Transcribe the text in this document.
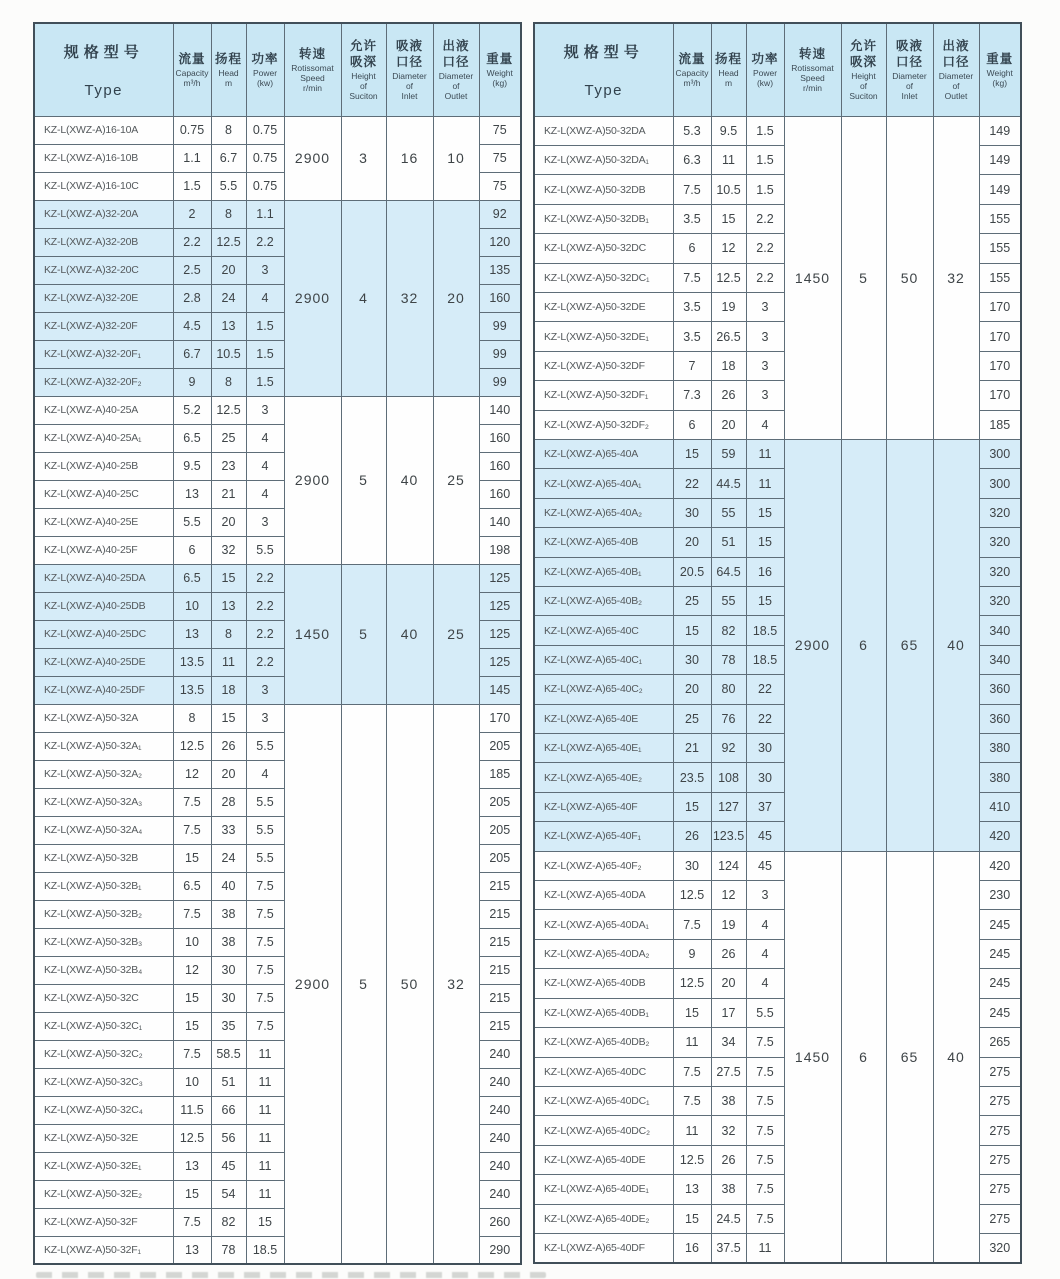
规格型号
Type

流量
Capacity
m³/h

扬程
Head
m

功率
Power
(kw)

转速
Rotissomat
Speed
r/min

允许
吸深
Height
of
Suciton

吸液
口径
Diameter
of
Inlet

出液
口径
Diameter
of
Outlet

重量
Weight
(kg)

KZ-L(XWZ-A)16-10A	0.75	8	0.75	2900	3	16	10	75
KZ-L(XWZ-A)16-10B	1.1	6.7	0.75					75
KZ-L(XWZ-A)16-10C	1.5	5.5	0.75					75
KZ-L(XWZ-A)32-20A	2	8	1.1	2900	4	32	20	92
KZ-L(XWZ-A)32-20B	2.2	12.5	2.2					120
KZ-L(XWZ-A)32-20C	2.5	20	3					135
KZ-L(XWZ-A)32-20E	2.8	24	4					160
KZ-L(XWZ-A)32-20F	4.5	13	1.5					99
KZ-L(XWZ-A)32-20F₁	6.7	10.5	1.5					99
KZ-L(XWZ-A)32-20F₂	9	8	1.5					99
KZ-L(XWZ-A)40-25A	5.2	12.5	3	2900	5	40	25	140
KZ-L(XWZ-A)40-25A₁	6.5	25	4					160
KZ-L(XWZ-A)40-25B	9.5	23	4					160
KZ-L(XWZ-A)40-25C	13	21	4					160
KZ-L(XWZ-A)40-25E	5.5	20	3					140
KZ-L(XWZ-A)40-25F	6	32	5.5					198
KZ-L(XWZ-A)40-25DA	6.5	15	2.2	1450	5	40	25	125
KZ-L(XWZ-A)40-25DB	10	13	2.2					125
KZ-L(XWZ-A)40-25DC	13	8	2.2					125
KZ-L(XWZ-A)40-25DE	13.5	11	2.2					125
KZ-L(XWZ-A)40-25DF	13.5	18	3					145
KZ-L(XWZ-A)50-32A	8	15	3	2900	5	50	32	170
KZ-L(XWZ-A)50-32A₁	12.5	26	5.5					205
KZ-L(XWZ-A)50-32A₂	12	20	4					185
KZ-L(XWZ-A)50-32A₃	7.5	28	5.5					205
KZ-L(XWZ-A)50-32A₄	7.5	33	5.5					205
KZ-L(XWZ-A)50-32B	15	24	5.5					205
KZ-L(XWZ-A)50-32B₁	6.5	40	7.5					215
KZ-L(XWZ-A)50-32B₂	7.5	38	7.5					215
KZ-L(XWZ-A)50-32B₃	10	38	7.5					215
KZ-L(XWZ-A)50-32B₄	12	30	7.5					215
KZ-L(XWZ-A)50-32C	15	30	7.5					215
KZ-L(XWZ-A)50-32C₁	15	35	7.5					215
KZ-L(XWZ-A)50-32C₂	7.5	58.5	11					240
KZ-L(XWZ-A)50-32C₃	10	51	11					240
KZ-L(XWZ-A)50-32C₄	11.5	66	11					240
KZ-L(XWZ-A)50-32E	12.5	56	11					240
KZ-L(XWZ-A)50-32E₁	13	45	11					240
KZ-L(XWZ-A)50-32E₂	15	54	11					240
KZ-L(XWZ-A)50-32F	7.5	82	15					260
KZ-L(XWZ-A)50-32F₁	13	78	18.5					290
规格型号
Type

流量
Capacity
m³/h

扬程
Head
m

功率
Power
(kw)

转速
Rotissomat
Speed
r/min

允许
吸深
Height
of
Suciton

吸液
口径
Diameter
of
Inlet

出液
口径
Diameter
of
Outlet

重量
Weight
(kg)

KZ-L(XWZ-A)50-32DA	5.3	9.5	1.5	1450	5	50	32	149
KZ-L(XWZ-A)50-32DA₁	6.3	11	1.5					149
KZ-L(XWZ-A)50-32DB	7.5	10.5	1.5					149
KZ-L(XWZ-A)50-32DB₁	3.5	15	2.2					155
KZ-L(XWZ-A)50-32DC	6	12	2.2					155
KZ-L(XWZ-A)50-32DC₁	7.5	12.5	2.2					155
KZ-L(XWZ-A)50-32DE	3.5	19	3					170
KZ-L(XWZ-A)50-32DE₁	3.5	26.5	3					170
KZ-L(XWZ-A)50-32DF	7	18	3					170
KZ-L(XWZ-A)50-32DF₁	7.3	26	3					170
KZ-L(XWZ-A)50-32DF₂	6	20	4					185
KZ-L(XWZ-A)65-40A	15	59	11	2900	6	65	40	300
KZ-L(XWZ-A)65-40A₁	22	44.5	11					300
KZ-L(XWZ-A)65-40A₂	30	55	15					320
KZ-L(XWZ-A)65-40B	20	51	15					320
KZ-L(XWZ-A)65-40B₁	20.5	64.5	16					320
KZ-L(XWZ-A)65-40B₂	25	55	15					320
KZ-L(XWZ-A)65-40C	15	82	18.5					340
KZ-L(XWZ-A)65-40C₁	30	78	18.5					340
KZ-L(XWZ-A)65-40C₂	20	80	22					360
KZ-L(XWZ-A)65-40E	25	76	22					360
KZ-L(XWZ-A)65-40E₁	21	92	30					380
KZ-L(XWZ-A)65-40E₂	23.5	108	30					380
KZ-L(XWZ-A)65-40F	15	127	37					410
KZ-L(XWZ-A)65-40F₁	26	123.5	45					420
KZ-L(XWZ-A)65-40F₂	30	124	45	1450	6	65	40	420
KZ-L(XWZ-A)65-40DA	12.5	12	3					230
KZ-L(XWZ-A)65-40DA₁	7.5	19	4					245
KZ-L(XWZ-A)65-40DA₂	9	26	4					245
KZ-L(XWZ-A)65-40DB	12.5	20	4					245
KZ-L(XWZ-A)65-40DB₁	15	17	5.5					245
KZ-L(XWZ-A)65-40DB₂	11	34	7.5					265
KZ-L(XWZ-A)65-40DC	7.5	27.5	7.5					275
KZ-L(XWZ-A)65-40DC₁	7.5	38	7.5					275
KZ-L(XWZ-A)65-40DC₂	11	32	7.5					275
KZ-L(XWZ-A)65-40DE	12.5	26	7.5					275
KZ-L(XWZ-A)65-40DE₁	13	38	7.5					275
KZ-L(XWZ-A)65-40DE₂	15	24.5	7.5					275
KZ-L(XWZ-A)65-40DF	16	37.5	11					320
